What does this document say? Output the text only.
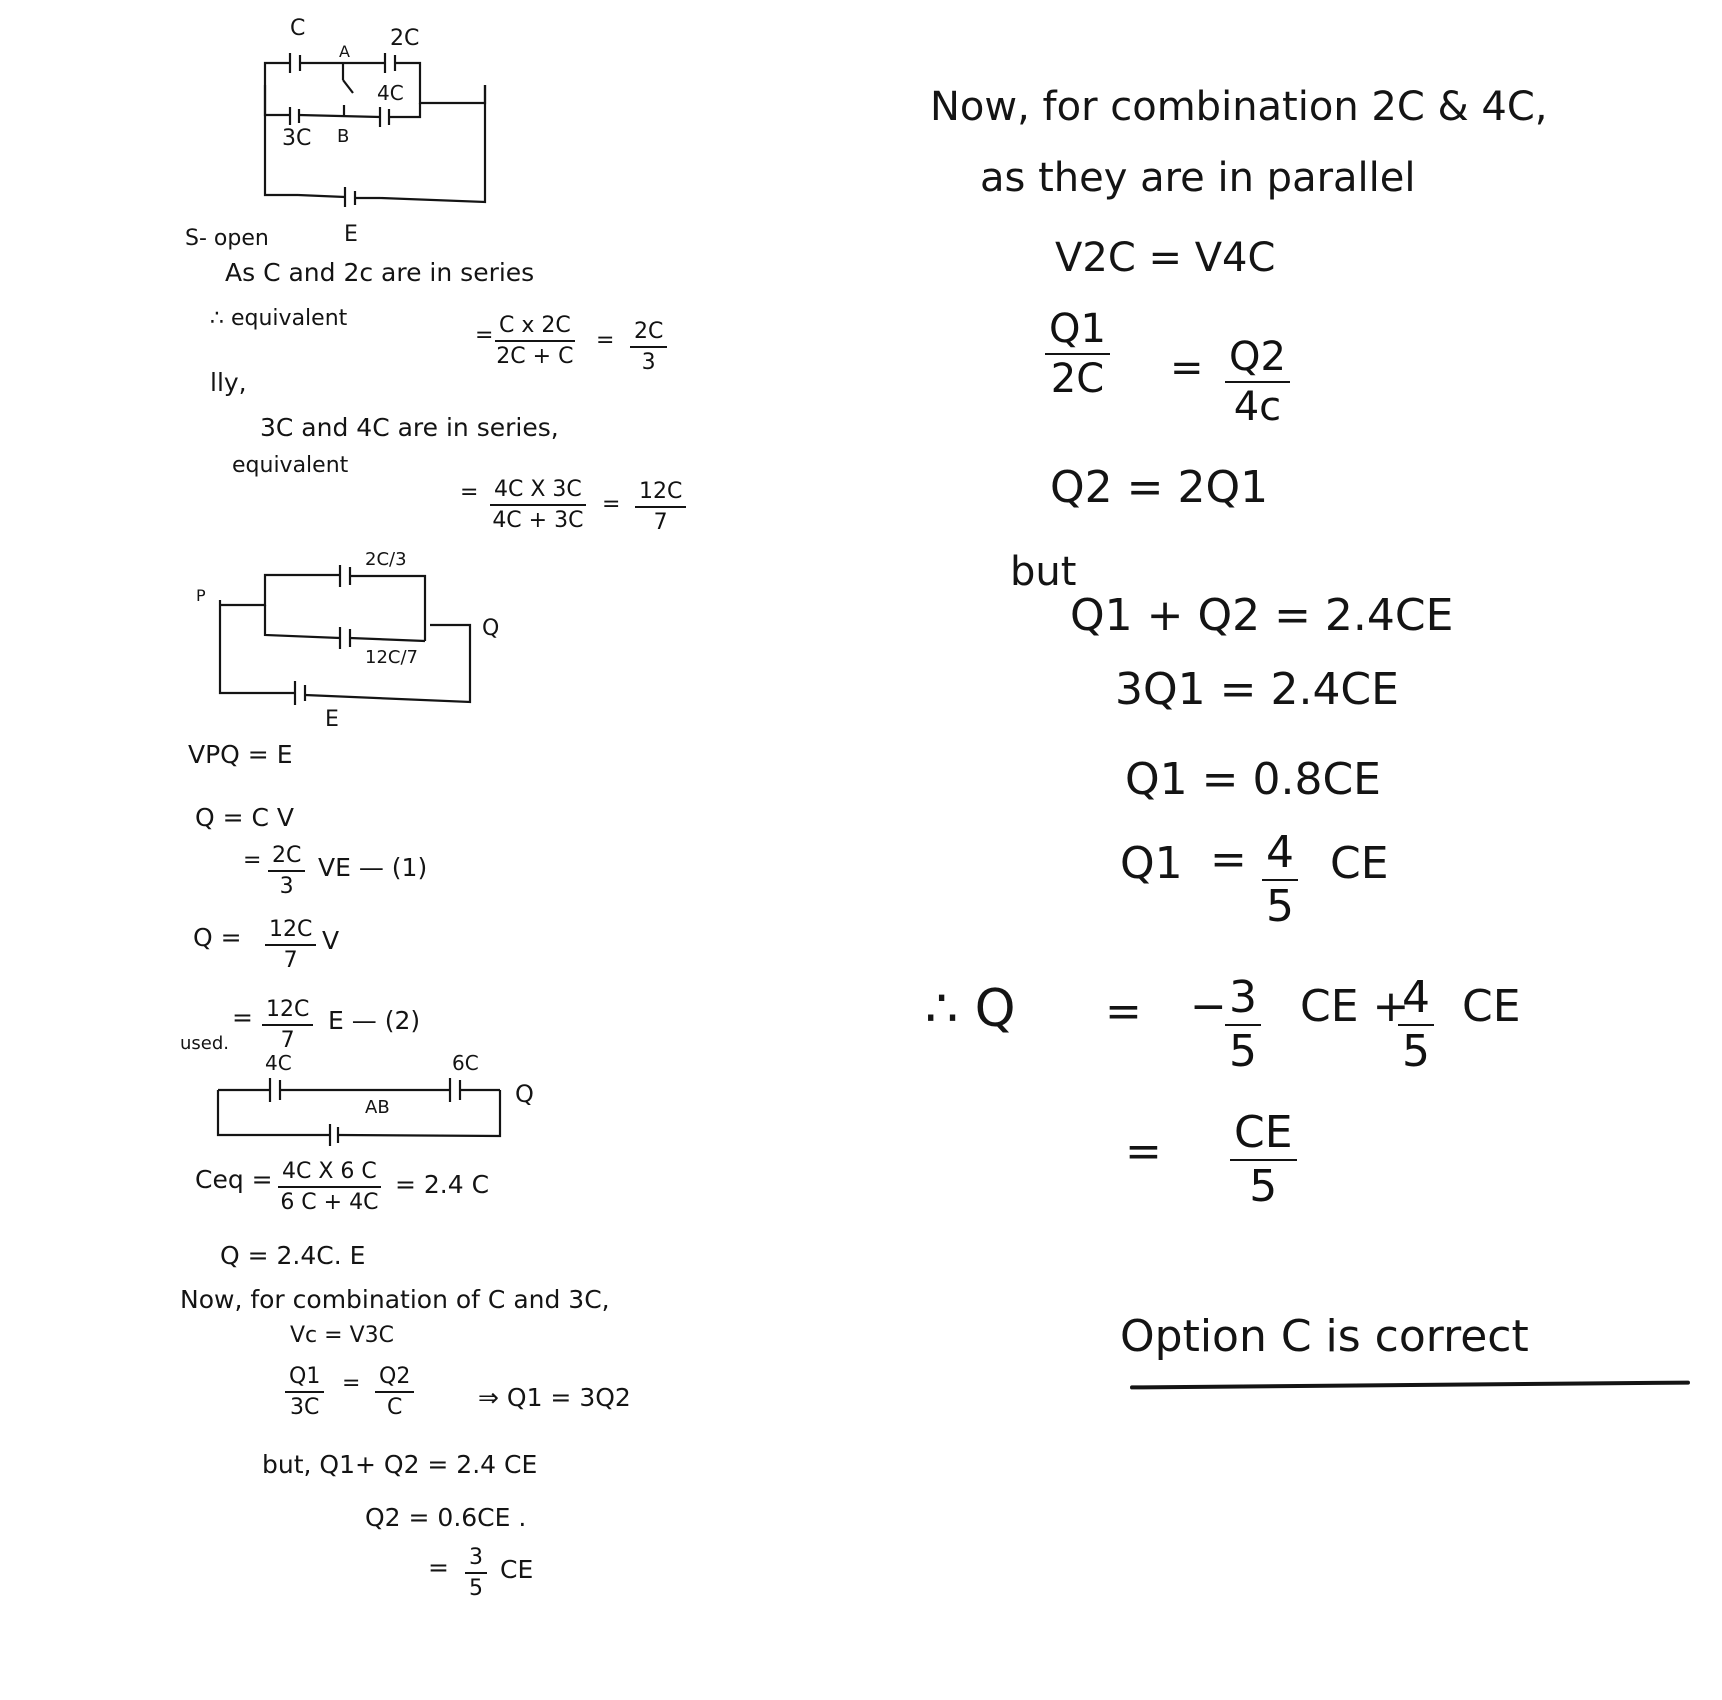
C	2C
A
4C
3C B
E
S- open
As C and 2c are in series
∴ equivalent
= $\frac{\text{C x 2C}}{2C + C} = \frac{2C}{3}$
lly,
3C and 4C are in series,
equivalent
= $\frac{\text{4C X 3C}}{4C + 3C} = \frac{12C}{7}$
2C/3
12C/7
P
Q
E
VPQ = E
Q = C V
= $\frac{2C}{3}$ VE — (1)
$Q = \frac{12C}{7}$ V
= $\frac{12C}{7}$ E — (2)
used.
4C	6C
AB	Q
Ceq = $\frac{\text{4C X 6 C}}{6 C + 4C} = 2.4$ C
Q = 2.4C. E
Now, for combination of C and 3C,
Vc = V3C
$\frac{Q1}{3C} = \frac{Q2}{C}$	⇒ Q1 = 3Q2
but, Q1+ Q2 = 2.4 CE
Q2 = 0.6CE .
= $\frac{3}{5}$ CE
Now, for combination 2C & 4C,
as they are in parallel
V2C = V4C
$\frac{Q1}{2C} = \frac{Q2}{4c}$
Q2 = 2Q1
but
Q1 + Q2 = 2.4CE
3Q1 = 2.4CE
Q1 = 0.8CE
$Q1 = \frac{4}{5}$ CE
∴ Q = −
$\frac{3}{5}$ CE +
$\frac{4}{5}$ CE
= $\frac{CE}{5}$
Option C is correct
